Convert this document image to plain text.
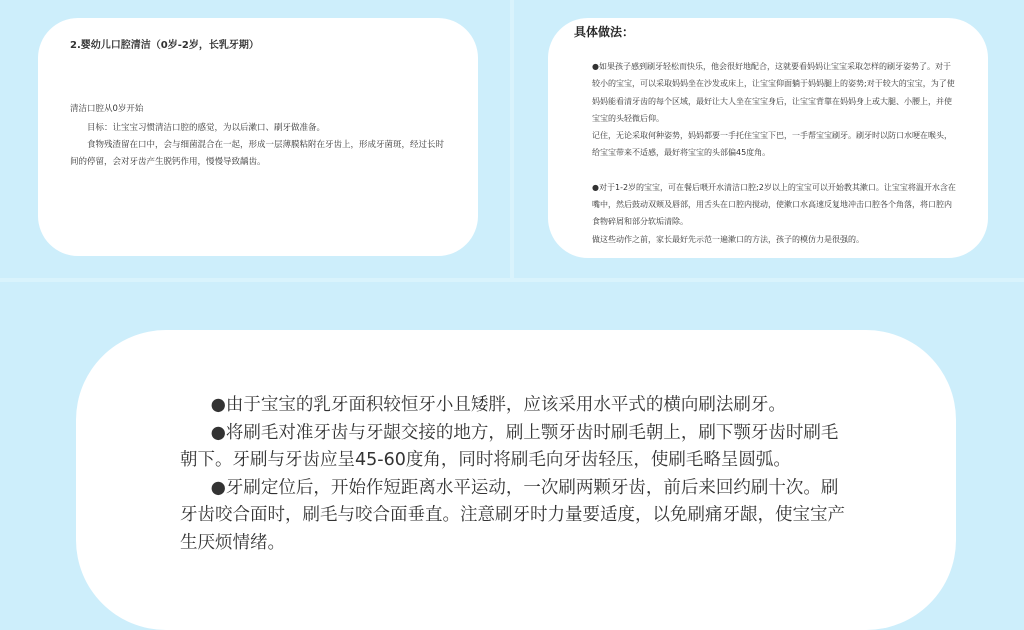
2.婴幼儿口腔清洁（0岁-2岁，长乳牙期）

清洁口腔从0岁开始

目标：让宝宝习惯清洁口腔的感觉，为以后漱口、刷牙做准备。

食物残渣留在口中，会与细菌混合在一起，形成一层薄膜粘附在牙齿上，形成牙菌斑，经过长时间的停留，会对牙齿产生脱钙作用，慢慢导致龋齿。

●如果孩子感到刷牙轻松而快乐，他会很好地配合，这就要看妈妈让宝宝采取怎样的刷牙姿势了。对于较小的宝宝，可以采取妈妈坐在沙发或床上，让宝宝仰面躺于妈妈腿上的姿势;对于较大的宝宝，为了使妈妈能看清牙齿的每个区域，最好让大人坐在宝宝身后，让宝宝背靠在妈妈身上或大腿、小腰上，并使宝宝的头轻微后仰。

记住，无论采取何种姿势，妈妈都要一手托住宝宝下巴，一手帮宝宝刷牙。刷牙时以防口水哽在喉头，给宝宝带来不适感，最好将宝宝的头部偏45度角。

●对于1-2岁的宝宝，可在餐后喂开水清洁口腔;2岁以上的宝宝可以开始教其漱口。让宝宝将温开水含在嘴中，然后鼓动双颊及唇部，用舌头在口腔内搅动，使漱口水高速反复地冲击口腔各个角落，将口腔内食物碎屑和部分软垢清除。

做这些动作之前，家长最好先示范一遍漱口的方法，孩子的模仿力是很强的。

具体做法：

●由于宝宝的乳牙面积较恒牙小且矮胖，应该采用水平式的横向刷法刷牙。

●将刷毛对准牙齿与牙龈交接的地方，刷上颚牙齿时刷毛朝上，刷下颚牙齿时刷毛朝下。牙刷与牙齿应呈45-60度角，同时将刷毛向牙齿轻压，使刷毛略呈圆弧。

●牙刷定位后，开始作短距离水平运动，一次刷两颗牙齿，前后来回约刷十次。刷牙齿咬合面时，刷毛与咬合面垂直。注意刷牙时力量要适度，以免刷痛牙龈，使宝宝产生厌烦情绪。
